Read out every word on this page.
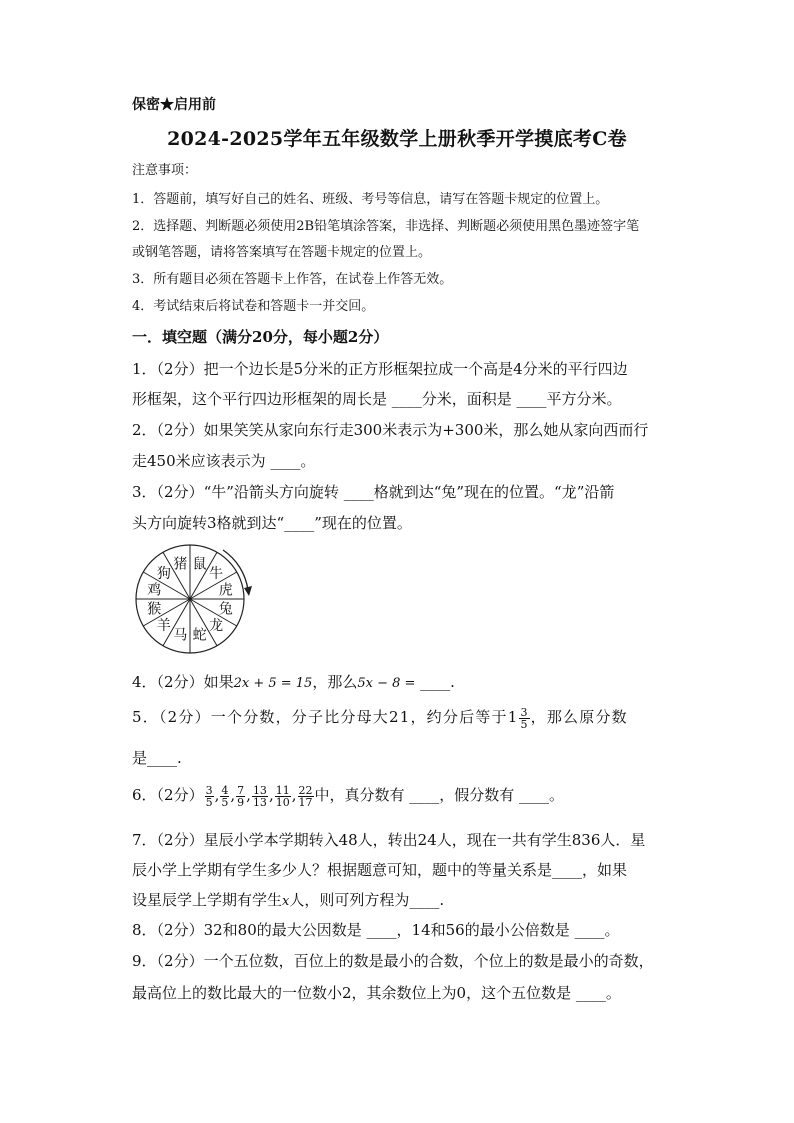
保密★启用前
2024-2025学年五年级数学上册秋季开学摸底考C卷
注意事项：
1．答题前，填写好自己的姓名、班级、考号等信息，请写在答题卡规定的位置上。
2．选择题、判断题必须使用2B铅笔填涂答案，非选择、判断题必须使用黑色墨迹签字笔
或钢笔答题，请将答案填写在答题卡规定的位置上。
3．所有题目必须在答题卡上作答，在试卷上作答无效。
4．考试结束后将试卷和答题卡一并交回。
一．填空题（满分20分，每小题2分）
1．（2分）把一个边长是5分米的正方形框架拉成一个高是4分米的平行四边
形框架，这个平行四边形框架的周长是 ____分米，面积是 ____平方分米。
2．（2分）如果笑笑从家向东行走300米表示为+300米，那么她从家向西而行
走450米应该表示为 ____。
3．（2分）“牛”沿箭头方向旋转 ____格就到达“兔”现在的位置。“龙”沿箭
头方向旋转3格就到达“____”现在的位置。
鼠
牛
虎
兔
龙
蛇
马
羊
猴
鸡
狗
猪
4．（2分）如果2x + 5 = 15，那么5x − 8 = ____.
5．（2分）一个分数，分子比分母大21，约分后等于$1 \frac{3}{5}$ ，那么原分数
是____.
6．（2分） $\frac{3}{5}$ , $\frac{4}{5}$ , $\frac{7}{9}$ , $\frac{13}{13}$ , $\frac{11}{10}$ , $\frac{22}{17}$ 中，真分数有 ____，假分数有 ____。
7．（2分）星辰小学本学期转入48人，转出24人，现在一共有学生836人．星
辰小学上学期有学生多少人？根据题意可知，题中的等量关系是____，如果
设星辰学上学期有学生x人，则可列方程为____.
8．（2分）32和80的最大公因数是 ____，14和56的最小公倍数是 ____。
9．（2分）一个五位数，百位上的数是最小的合数，个位上的数是最小的奇数，
最高位上的数比最大的一位数小2，其余数位上为0，这个五位数是 ____。
